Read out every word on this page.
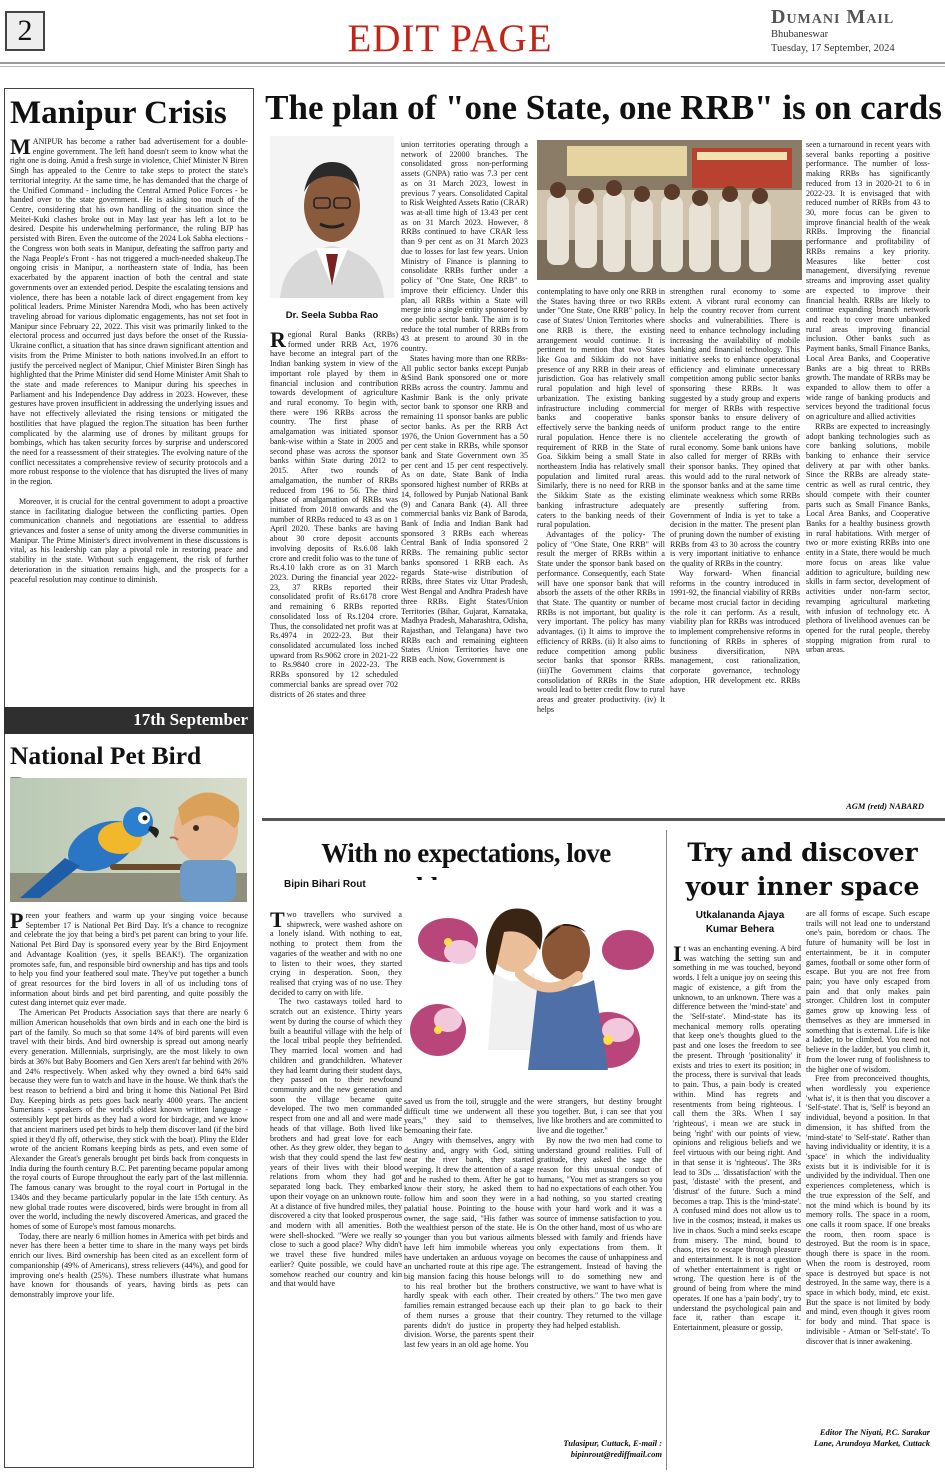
2	EDIT PAGE	Dumani Mail
Bhubaneswar
Tuesday, 17 September, 2024
Manipur Crisis

MANIPUR has become a rather bad advertisement for a double-engine government. The left hand doesn't seem to know what the right one is doing. Amid a fresh surge in violence, Chief Minister N Biren Singh has appealed to the Centre to take steps to protect the state's territorial integrity. At the same time, he has demanded that the charge of the Unified Command - including the Central Armed Police Forces - be handed over to the state government. He is asking too much of the Centre, considering that his own handling of the situation since the Meitei-Kuki clashes broke out in May last year has left a lot to be desired. Despite his underwhelming performance, the ruling BJP has persisted with Biren. Even the outcome of the 2024 Lok Sabha elections - the Congress won both seats in Manipur, defeating the saffron party and the Naga People's Front - has not triggered a much-needed shakeup.The ongoing crisis in Manipur, a northeastern state of India, has been exacerbated by the apparent inaction of both the central and state governments over an extended period. Despite the escalating tensions and violence, there has been a notable lack of direct engagement from key political leaders. Prime Minister Narendra Modi, who has been actively traveling abroad for various diplomatic engagements, has not set foot in Manipur since February 22, 2022. This visit was primarily linked to the electoral process and occurred just days before the onset of the Russia-Ukraine conflict, a situation that has since drawn significant attention and visits from the Prime Minister to both nations involved.In an effort to justify the perceived neglect of Manipur, Chief Minister Biren Singh has highlighted that the Prime Minister did send Home Minister Amit Shah to the state and made references to Manipur during his speeches in Parliament and his Independence Day address in 2023. However, these gestures have proven insufficient in addressing the underlying issues and have not effectively alleviated the rising tensions or mitigated the hostilities that have plagued the region.The situation has been further complicated by the alarming use of drones by militant groups for bombings, which has taken security forces by surprise and underscored the need for a reassessment of their strategies. The evolving nature of the conflict necessitates a comprehensive review of security protocols and a more robust response to the violence that has disrupted the lives of many in the region.

Moreover, it is crucial for the central government to adopt a proactive stance in facilitating dialogue between the conflicting parties. Open communication channels and negotiations are essential to address grievances and foster a sense of unity among the diverse communities in Manipur. The Prime Minister's direct involvement in these discussions is vital, as his leadership can play a pivotal role in restoring peace and stability in the state. Without such engagement, the risk of further deterioration in the situation remains high, and the prospects for a peaceful resolution may continue to diminish.

17th September
National Pet Bird

Preen your feathers and warm up your singing voice because September 17 is National Pet Bird Day. It's a chance to recognize and celebrate the joy that being a bird's pet parent can bring to your life. National Pet Bird Day is sponsored every year by the Bird Enjoyment and Advantage Koalition (yes, it spells BEAK!). The organization promotes safe, fun, and responsible bird ownership and has tips and tools to help you find your feathered soul mate. They've put together a bunch of great resources for the bird lovers in all of us including tons of information about birds and pet bird parenting, and quite possibly the cutest dang internet quiz ever made.

The American Pet Products Association says that there are nearly 6 million American households that own birds and in each one the bird is part of the family. So much so that some 14% of bird parents will even travel with their birds. And bird ownership is spread out among nearly every generation. Millennials, surprisingly, are the most likely to own birds at 36% but Baby Boomers and Gen Xers aren't far behind with 26% and 24% respectively. When asked why they owned a bird 64% said because they were fun to watch and have in the house. We think that's the best reason to befriend a bird and bring it home this National Pet Bird Day. Keeping birds as pets goes back nearly 4000 years. The ancient Sumerians - speakers of the world's oldest known written language - ostensibly kept pet birds as they had a word for birdcage, and we know that ancient mariners used pet birds to help them discover land (if the bird spied it they'd fly off, otherwise, they stick with the boat). Pliny the Elder wrote of the ancient Romans keeping birds as pets, and even some of Alexander the Great's generals brought pet birds back from conquests in India during the fourth century B.C. Pet parenting became popular among the royal courts of Europe throughout the early part of the last millennia. The famous canary was brought to the royal court in Portugal in the 1340s and they became particularly popular in the late 15th century. As new global trade routes were discovered, birds were brought in from all over the world, including the newly discovered Americas, and graced the homes of some of Europe's most famous monarchs.

Today, there are nearly 6 million homes in America with pet birds and never has there been a better time to share in the many ways pet birds enrich our lives. Bird ownership has been cited as an excellent form of companionship (49% of Americans), stress relievers (44%), and good for improving one's health (25%). These numbers illustrate what humans have known for thousands of years, having birds as pets can demonstrably improve your life.

The plan of "one State, one RRB" is on cards
Dr. Seela Subba Rao

Regional Rural Banks (RRBs) formed under RRB Act, 1976 have become an integral part of the Indian banking system in view of the important role played by them in financial inclusion and contribution towards development of agriculture and rural economy. To begin with, there were 196 RRBs across the country. The first phase of amalgamation was initiated sponsor bank-wise within a State in 2005 and second phase was across the sponsor banks within State during 2012 to 2015. After two rounds of amalgamation, the number of RRBs reduced from 196 to 56. The third phase of amalgamation of RRBs was initiated from 2018 onwards and the number of RRBs reduced to 43 as on 1 April 2020. These banks are having about 30 crore deposit accounts involving deposits of Rs.6.08 lakh crore and credit folio was to the tune of Rs.4.10 lakh crore as on 31 March 2023. During the financial year 2022-23, 37 RRBs reported their consolidated profit of Rs.6178 crore and remaining 6 RRBs reported consolidated loss of Rs.1204 crore. Thus, the consolidated net profit was at Rs.4974 in 2022-23. But their consolidated accumulated loss inched upward from Rs.9062 crore in 2021-22 to Rs.9840 crore in 2022-23. The RRBs sponsored by 12 scheduled commercial banks are spread over 702 districts of 26 states and three

union territories operating through a network of 22000 branches. The consolidated gross non-performing assets (GNPA) ratio was 7.3 per cent as on 31 March 2023, lowest in previous 7 years. Consolidated Capital to Risk Weighted Assets Ratio (CRAR) was at-all time high of 13.43 per cent as on 31 March 2023. However, 8 RRBs continued to have CRAR less than 9 per cent as on 31 March 2023 due to losses for last few years. Union Ministry of Finance is planning to consolidate RRBs further under a policy of "One State, One RRB" to improve their efficiency. Under this plan, all RRBs within a State will merge into a single entity sponsored by one public sector bank. The aim is to reduce the total number of RRBs from 43 at present to around 30 in the country.

States having more than one RRBs- All public sector banks except Punjab &Sind Bank sponsored one or more RRBs across the country. Jammu and Kashmir Bank is the only private sector bank to sponsor one RRB and remaining 11 sponsor banks are public sector banks. As per the RRB Act 1976, the Union Government has a 50 per cent stake in RRBs, while sponsor bank and State Government own 35 per cent and 15 per cent respectively. As on date, State Bank of India sponsored highest number of RRBs at 14, followed by Punjab National Bank (9) and Canara Bank (4). All three commercial banks viz Bank of Baroda, Bank of India and Indian Bank had sponsored 3 RRBs each whereas Central Bank of India sponsored 2 RRBs. The remaining public sector banks sponsored 1 RRB each. As regards State-wise distribution of RRBs, three States viz Uttar Pradesh, West Bengal and Andhra Pradesh have three RRBs. Eight States/Union Territories (Bihar, Gujarat, Karnataka, Madhya Pradesh, Maharashtra, Odisha, Rajasthan, and Telangana) have two RRBs each and remaining eighteen States /Union Territories have one RRB each. Now, Government is

contemplating to have only one RRB in the States having three or two RRBs under "One State, One RRB" policy. In case of States/ Union Territories where one RRB is there, the existing arrangement would continue. It is pertinent to mention that two States like Goa and Sikkim do not have presence of any RRB in their areas of jurisdiction. Goa has relatively small rural population and high level of urbanization. The existing banking infrastructure including commercial banks and cooperative banks effectively serve the banking needs of rural population. Hence there is no requirement of RRB in the State of Goa. Sikkim being a small State in northeastern India has relatively small population and limited rural areas. Similarly, there is no need for RRB in the Sikkim State as the existing banking infrastructure adequately caters to the banking needs of their rural population.

Advantages of the policy- The policy of "One State, One RRB" will result the merger of RRBs within a State under the sponsor bank based on performance. Consequently, each State will have one sponsor bank that will absorb the assets of the other RRBs in that State. The quantity or number of RRBs is not important, but quality is very important. The policy has many advantages. (i) It aims to improve the efficiency of RRBs. (ii) It also aims to reduce competition among public sector banks that sponsor RRBs. (iii)The Government claims that consolidation of RRBs in the State would lead to better credit flow to rural areas and greater productivity. (iv) It helps

strengthen rural economy to some extent. A vibrant rural economy can help the country recover from current shocks and vulnerabilities. There is need to enhance technology including increasing the availability of mobile banking and financial technology. This initiative seeks to enhance operational efficiency and eliminate unnecessary competition among public sector banks sponsoring these RRBs. It was suggested by a study group and experts for merger of RRBs with respective sponsor banks to ensure delivery of uniform product range to the entire clientele accelerating the growth of rural economy. Some bank unions have also called for merger of RRBs with their sponsor banks. They opined that this would add to the rural network of the sponsor banks and at the same time eliminate weakness which some RRBs are presently suffering from. Government of India is yet to take a decision in the matter. The present plan of pruning down the number of existing RRBs from 43 to 30 across the country is very important initiative to enhance the quality of RRBs in the country.

Way forward- When financial reforms in the country introduced in 1991-92, the financial viability of RRBs became most crucial factor in deciding the role it can perform. As a result, viability plan for RRBs was introduced to implement comprehensive reforms in functioning of RRBs in spheres of business diversification, NPA management, cost rationalization, corporate governance, technology adoption, HR development etc. RRBs have

seen a turnaround in recent years with several banks reporting a positive performance. The number of loss-making RRBs has significantly reduced from 13 in 2020-21 to 6 in 2022-23. It is envisaged that with reduced number of RRBs from 43 to 30, more focus can be given to improve financial health of the weak RRBs. Improving the financial performance and profitability of RRBs remains a key priority. Measures like better cost management, diversifying revenue streams and improving asset quality are expected to improve their financial health. RRBs are likely to continue expanding branch network and reach to cover more unbanked rural areas improving financial inclusion. Other banks such as Payment banks, Small Finance Banks, Local Area Banks, and Cooperative Banks are a big threat to RRBs growth. The mandate of RRBs may be expanded to allow them to offer a wide range of banking products and services beyond the traditional focus on agriculture and allied activities

RRBs are expected to increasingly adopt banking technologies such as core banking solutions, mobile banking to enhance their service delivery at par with other banks. Since the RRBs are already state-centric as well as rural centric, they should compete with their counter parts such as Small Finance Banks, Local Area Banks, and Cooperative Banks for a healthy business growth in rural habitations. With merger of two or more existing RRBs into one entity in a State, there would be much more focus on areas like value addition to agriculture, building new skills in farm sector, development of activities under non-farm sector, revamping agricultural marketing with infusion of technology etc. A plethora of livelihood avenues can be opened for the rural people, thereby stopping migration from rural to urban areas.

AGM (retd) NABARD
With no expectations, love
Bipin Bihari Rout

Two travellers who survived a shipwreck, were washed ashore on a lonely island. With nothing to eat, nothing to protect them from the vagaries of the weather and with no one to listen to their woes, they started crying in desperation. Soon, they realised that crying was of no use. They decided to carry on with life.

The two castaways toiled hard to scratch out an existence. Thirty years went by during the course of which they built a beautiful village with the help of the local tribal people they befriended. They married local women and had children and grandchildren. Whatever they had learnt during their student days, they passed on to their newfound community and the new generation and soon the village became quite developed. The two men commanded respect from one and all and were made heads of that village. Both lived like brothers and had great love for each other. As they grew older, they began to wish that they could spend the last few years of their lives with their blood relations from whom they had got separated long back. They embarked upon their voyage on an unknown route. At a distance of five hundred miles, they discovered a city that looked prosperous and modern with all amenities. Both were shell-shocked. "Were we really so close to such a good place? Why didn't we travel these five hundred miles earlier? Quite possible, we could have somehow reached our country and kin and that would have

saved us from the toil, struggle and the difficult time we underwent all these years," they said to themselves, bemoaning their fate.

Angry with themselves, angry with destiny and, angry with God, sitting near the river bank, they started weeping. It drew the attention of a sage and he rushed to them. After he got to know their story, he asked them to follow him and soon they were in a palatial house. Pointing to the house owner, the sage said, "His father was the wealthiest person of the state. He is younger than you but various ailments have left him immobile whereas you have undertaken an arduous voyage on an uncharted route at this ripe age. The big mansion facing this house belongs to his real brother but the brothers hardly speak with each other. Their families remain estranged because each of them nurses a grouse that their parents didn't do justice in property division. Worse, the parents spent their last few years in an old age home. You

were strangers, but destiny brought you together. But, i can see that you live like brothers and are committed to live and die together."

By now the two men had come to understand ground realities. Full of gratitude, they asked the sage the reason for this unusual conduct of humans, "You met as strangers so you had no expectations of each other. You had nothing, so you started creating with your hard work and it was a source of immense satisfaction to you. On the other hand, most of us who are blessed with family and friends have only expectations from them. It becomes the cause of unhappiness and estrangement. Instead of having the will to do something new and constructive, we want to have what is created by others." The two men gave up their plan to go back to their country. They returned to the village they had helped establish.

Tulasipur, Cuttack, E-mail : bipinrout@rediffmail.com
Try and discover your inner space
Utkalananda Ajaya Kumar Behera

It was an enchanting evening. A bird was watching the setting sun and something in me was touched, beyond words. I felt a unique joy on seeing this magic of existence, a gift from the unknown, to an unknown. There was a difference between the 'mind-state' and the 'Self-state'. Mind-state has its mechanical memory rolls operating that keep one's thoughts glued to the past and one loses the freedom to see the present. Through 'positionality' it exists and tries to exert its position; in the process, there is survival that leads to pain. Thus, a pain body is created within. Mind has regrets and resentments from being righteous. I call them the 3Rs. When I say 'righteous', i mean we are stuck in being 'right' with our points of view, opinions and religious beliefs and we feel virtuous with our being right. And in that sense it is 'righteous'. The 3Rs lead to 3Ds ... 'dissatisfaction' with the past, 'distaste' with the present, and 'distrust' of the future. Such a mind becomes a trap. This is the 'mind-state'. A confused mind does not allow us to live in the cosmos; instead, it makes us live in chaos. Such a mind seeks escape from misery. The mind, bound to chaos, tries to escape through pleasure and entertainment. It is not a question of whether entertainment is right or wrong. The question here is of the ground of being from where the mind operates. If one has a 'pain body', try to understand the psychological pain and face it, rather than escape it. Entertainment, pleasure or gossip,

are all forms of escape. Such escape trails will not lead one to understand one's pain, boredom or chaos. The future of humanity will be lost in entertainment, be it in computer games, football or some other form of escape. But you are not free from pain; you have only escaped from pain and that only makes pain stronger. Children lost in computer games grow up knowing less of themselves as they are immersed in something that is external. Life is like a ladder, to be climbed. You need not believe in the ladder, but you climb it, from the lower rung of foolishness to the higher one of wisdom.

Free from preconceived thoughts, when wordlessly you experience 'what is', it is then that you discover a 'Self-state'. That is, 'Self' is beyond an individual, beyond a position. In that dimension, it has shifted from the 'mind-state' to 'Self-state'. Rather than having individuality or identity, it is a 'space' in which the individuality exists but it is indivisible for it is undivided by the individual. Then one experiences completeness, which is the true expression of the Self, and not the mind which is bound by its memory rolls. The space in a room, one calls it room space. If one breaks the room, then room space is destroyed. But the room is in space, though there is space in the room. When the room is destroyed, room space is destroyed but space is not destroyed. In the same way, there is a space in which body, mind, etc exist. But the space is not limited by body and mind, even though it gives room for body and mind. That space is indivisible - Atman or 'Self-state'. To discover that is inner awakening.

Editor The Niyati, P.C. Sarakar Lane, Arundoya Market, Cuttack
